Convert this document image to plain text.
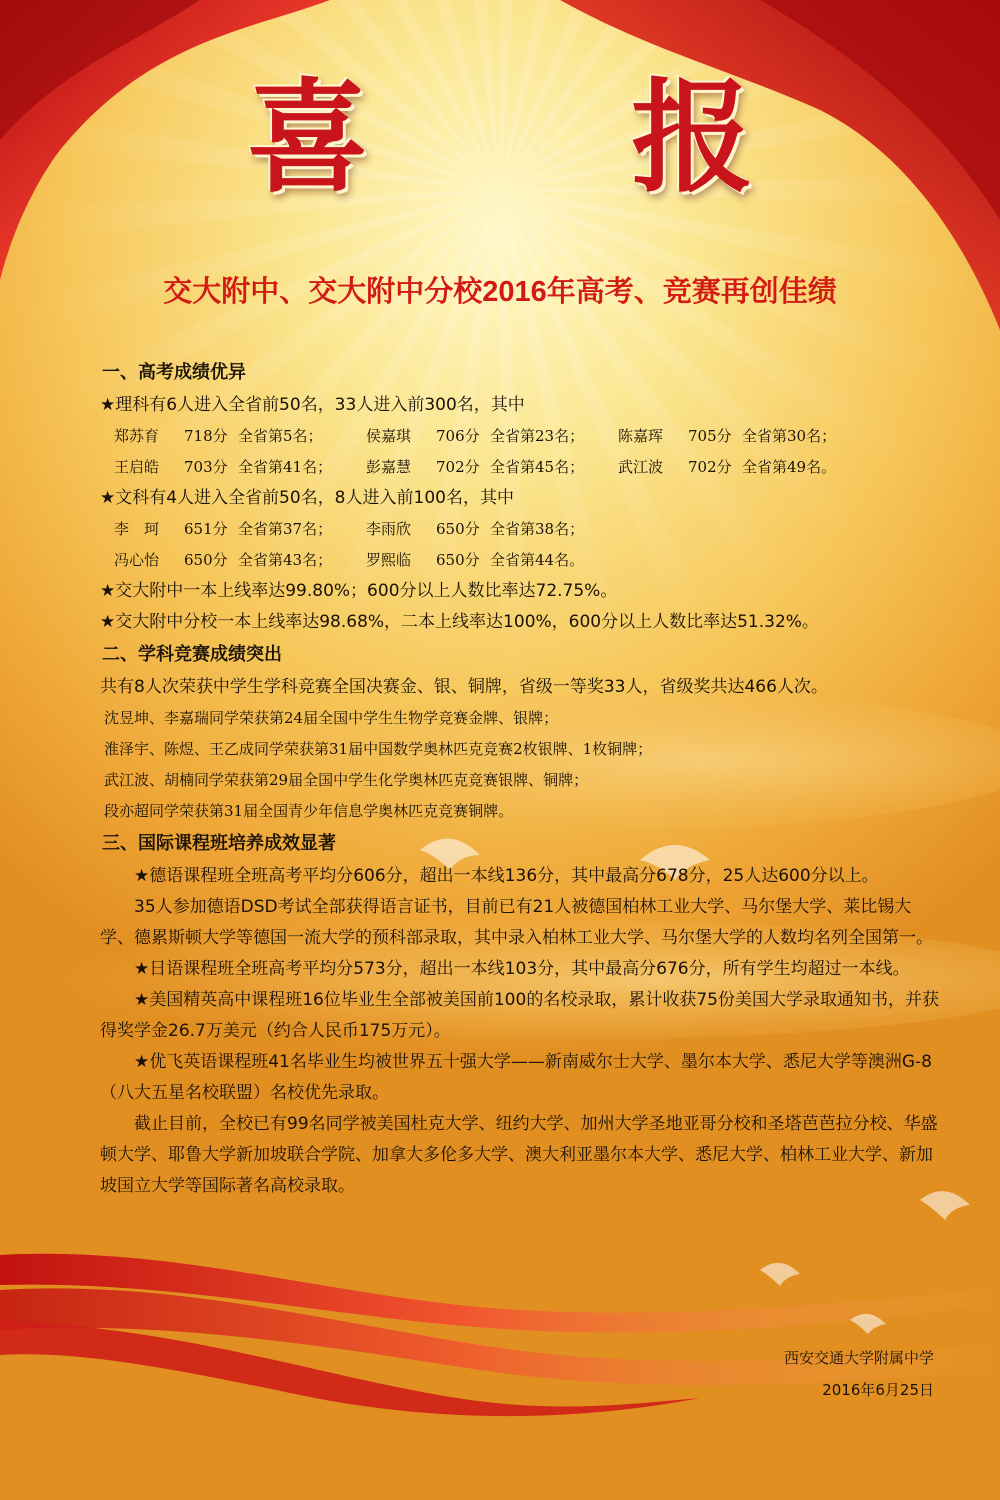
喜 报
交大附中、交大附中分校2016年高考、竞赛再创佳绩
一、高考成绩优异
★理科有6人进入全省前50名，33人进入前300名，其中
郑苏育 718分 全省第5名；	侯嘉琪 706分 全省第23名； 陈嘉珲 705分 全省第30名；
王启皓 703分 全省第41名； 彭嘉慧 702分 全省第45名； 武江波 702分 全省第49名。
★文科有4人进入全省前50名，8人进入前100名，其中
李　珂 651分 全省第37名； 李雨欣 650分 全省第38名；
冯心怡 650分 全省第43名； 罗熙临 650分 全省第44名。
★交大附中一本上线率达99.80%；600分以上人数比率达72.75%。
★交大附中分校一本上线率达98.68%，二本上线率达100%，600分以上人数比率达51.32%。
二、学科竞赛成绩突出
共有8人次荣获中学生学科竞赛全国决赛金、银、铜牌，省级一等奖33人，省级奖共达466人次。
沈昱坤、李嘉瑞同学荣获第24届全国中学生生物学竞赛金牌、银牌；
淮泽宇、陈煜、王乙成同学荣获第31届中国数学奥林匹克竞赛2枚银牌、1枚铜牌；
武江波、胡楠同学荣获第29届全国中学生化学奥林匹克竞赛银牌、铜牌；
段亦超同学荣获第31届全国青少年信息学奥林匹克竞赛铜牌。
三、国际课程班培养成效显著
★德语课程班全班高考平均分606分，超出一本线136分，其中最高分678分，25人达600分以上。
35人参加德语DSD考试全部获得语言证书，目前已有21人被德国柏林工业大学、马尔堡大学、莱比锡大学、德累斯顿大学等德国一流大学的预科部录取，其中录入柏林工业大学、马尔堡大学的人数均名列全国第一。
★日语课程班全班高考平均分573分，超出一本线103分，其中最高分676分，所有学生均超过一本线。
★美国精英高中课程班16位毕业生全部被美国前100的名校录取，累计收获75份美国大学录取通知书，并获得奖学金26.7万美元（约合人民币175万元）。
★优飞英语课程班41名毕业生均被世界五十强大学——新南威尔士大学、墨尔本大学、悉尼大学等澳洲G-8（八大五星名校联盟）名校优先录取。
截止目前，全校已有99名同学被美国杜克大学、纽约大学、加州大学圣地亚哥分校和圣塔芭芭拉分校、华盛顿大学、耶鲁大学新加坡联合学院、加拿大多伦多大学、澳大利亚墨尔本大学、悉尼大学、柏林工业大学、新加坡国立大学等国际著名高校录取。
西安交通大学附属中学
2016年6月25日
